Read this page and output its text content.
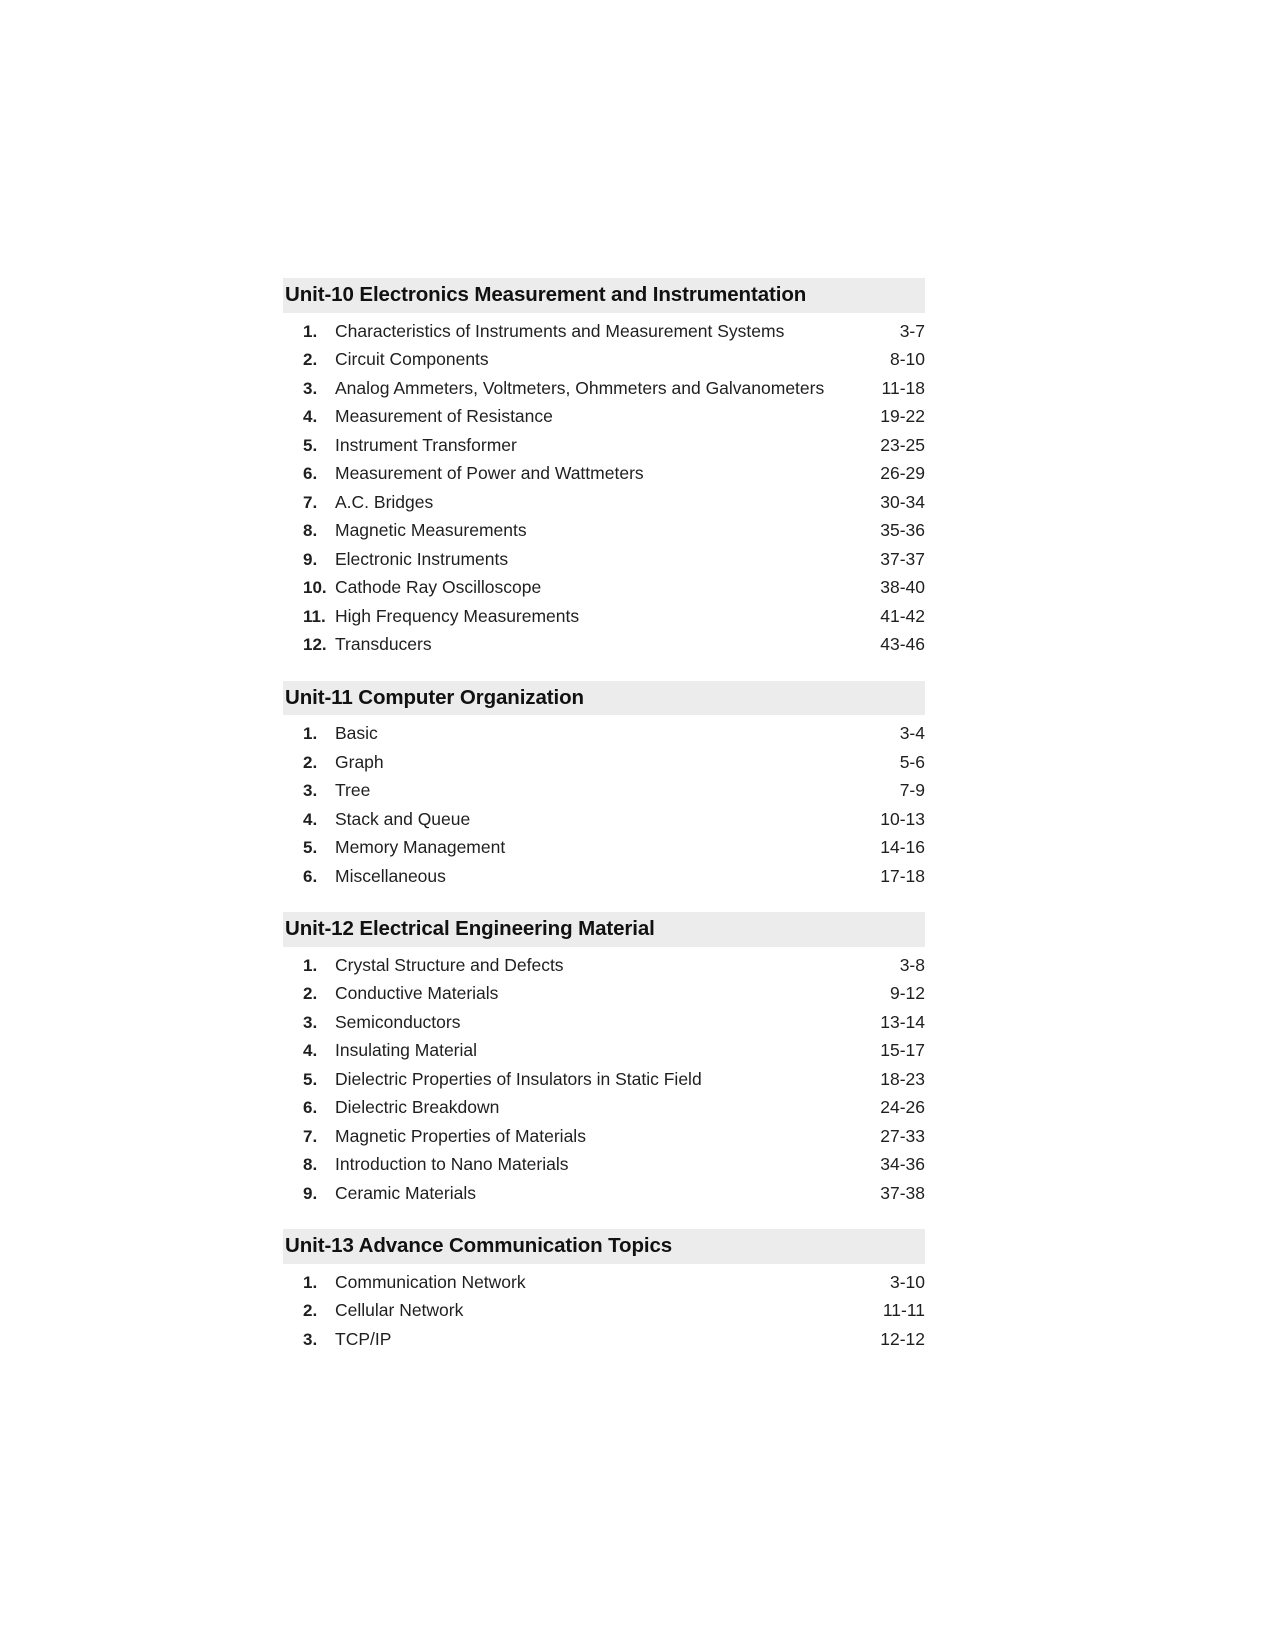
Unit-10 Electronics Measurement and Instrumentation
1.	Characteristics of Instruments and Measurement Systems	3-7
2.	Circuit Components	8-10
3.	Analog Ammeters, Voltmeters, Ohmmeters and Galvanometers	11-18
4.	Measurement of Resistance	19-22
5.	Instrument Transformer	23-25
6.	Measurement of Power and Wattmeters	26-29
7.	A.C. Bridges	30-34
8.	Magnetic Measurements	35-36
9.	Electronic Instruments	37-37
10. Cathode Ray Oscilloscope	38-40
11. High Frequency Measurements	41-42
12. Transducers	43-46
Unit-11 Computer Organization
1.	Basic	3-4
2.	Graph	5-6
3.	Tree	7-9
4.	Stack and Queue	10-13
5.	Memory Management	14-16
6.	Miscellaneous	17-18
Unit-12 Electrical Engineering Material
1.	Crystal Structure and Defects	3-8
2.	Conductive Materials	9-12
3.	Semiconductors	13-14
4.	Insulating Material	15-17
5.	Dielectric Properties of Insulators in Static Field	18-23
6.	Dielectric Breakdown	24-26
7.	Magnetic Properties of Materials	27-33
8.	Introduction to Nano Materials	34-36
9.	Ceramic Materials	37-38
Unit-13 Advance Communication Topics
1.	Communication Network	3-10
2.	Cellular Network	11-11
3.	TCP/IP	12-12
